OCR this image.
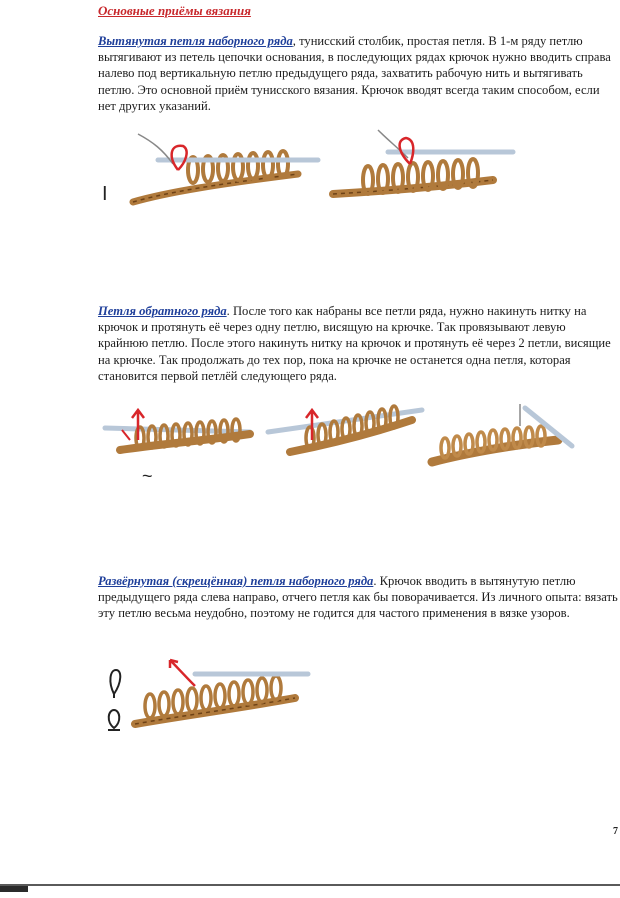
Основные приёмы вязания

Вытянутая петля наборного ряда, тунисский столбик, простая петля. В 1-м ряду петлю вытягивают из петель цепочки основания, в последующих рядах крючок нужно вводить справа налево под вертикальную петлю предыдущего ряда, захватить рабочую нить и вытягивать петлю. Это основной приём тунисского вязания. Крючок вводят всегда таким способом, если нет других указаний.

I

Петля обратного ряда. После того как набраны все петли ряда, нужно накинуть нитку на крючок и протянуть её через одну петлю, висящую на крючке. Так провязывают левую крайнюю петлю. После этого накинуть нитку на крючок и протянуть её через 2 петли, висящие на крючке. Так продолжать до тех пор, пока на крючке не останется одна петля, которая становится первой петлёй следующего ряда.

~

Развёрнутая (скрещённая) петля наборного ряда. Крючок вводить в вытянутую петлю предыдущего ряда слева направо, отчего петля как бы поворачивается. Из личного опыта: вязать эту петлю весьма неудобно, поэтому не годится для частого применения в вязке узоров.

7
